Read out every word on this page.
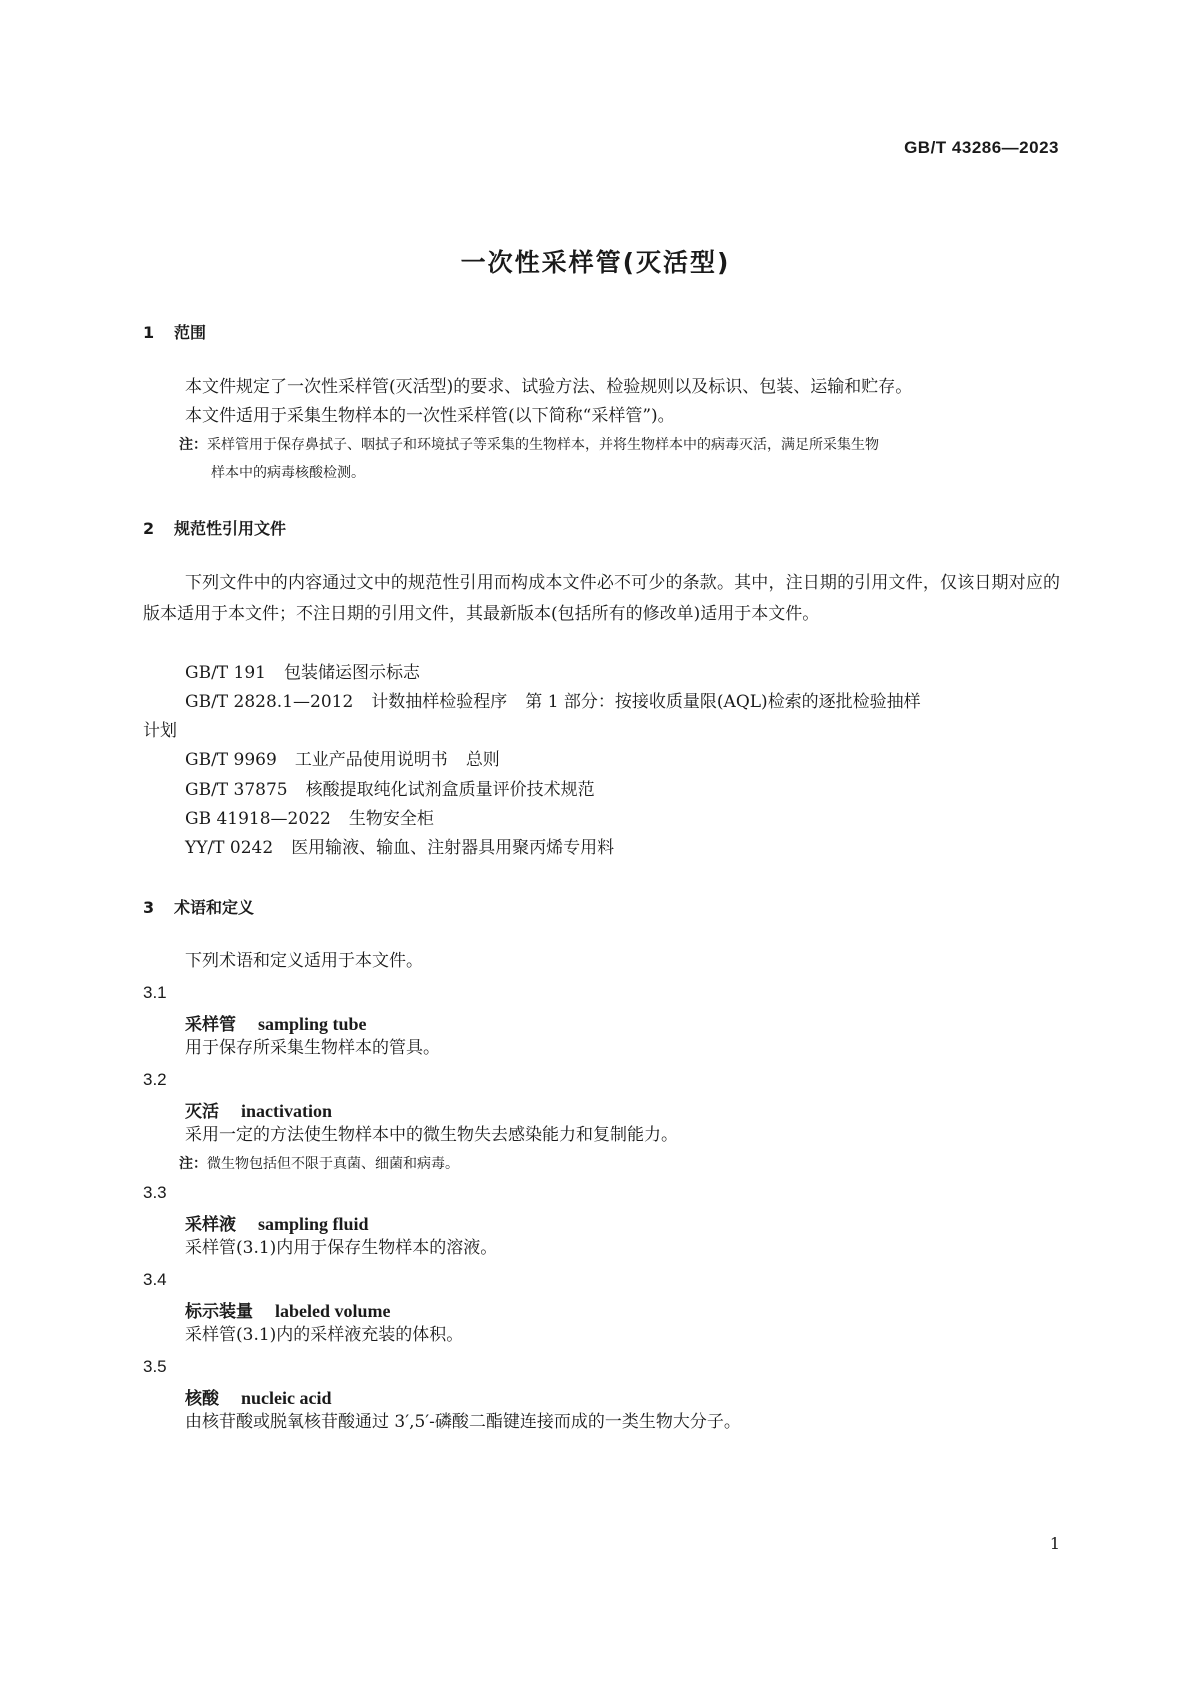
GB/T 43286—2023
一次性采样管(灭活型)
1 范围
本文件规定了一次性采样管(灭活型)的要求、试验方法、检验规则以及标识、包装、运输和贮存。
本文件适用于采集生物样本的一次性采样管(以下简称“采样管”)。
注：采样管用于保存鼻拭子、咽拭子和环境拭子等采集的生物样本，并将生物样本中的病毒灭活，满足所采集生物
样本中的病毒核酸检测。
2 规范性引用文件
下列文件中的内容通过文中的规范性引用而构成本文件必不可少的条款。其中，注日期的引用文件，仅该日期对应的版本适用于本文件；不注日期的引用文件，其最新版本(包括所有的修改单)适用于本文件。
GB/T 191 包装储运图示标志
GB/T 2828.1—2012 计数抽样检验程序 第 1 部分：按接收质量限(AQL)检索的逐批检验抽样
计划
GB/T 9969 工业产品使用说明书 总则
GB/T 37875 核酸提取纯化试剂盒质量评价技术规范
GB 41918—2022 生物安全柜
YY/T 0242 医用输液、输血、注射器具用聚丙烯专用料
3 术语和定义
下列术语和定义适用于本文件。
3.1
采样管 sampling tube
用于保存所采集生物样本的管具。
3.2
灭活 inactivation
采用一定的方法使生物样本中的微生物失去感染能力和复制能力。
注：微生物包括但不限于真菌、细菌和病毒。
3.3
采样液 sampling fluid
采样管(3.1)内用于保存生物样本的溶液。
3.4
标示装量 labeled volume
采样管(3.1)内的采样液充装的体积。
3.5
核酸 nucleic acid
由核苷酸或脱氧核苷酸通过 3′,5′-磷酸二酯键连接而成的一类生物大分子。
1
